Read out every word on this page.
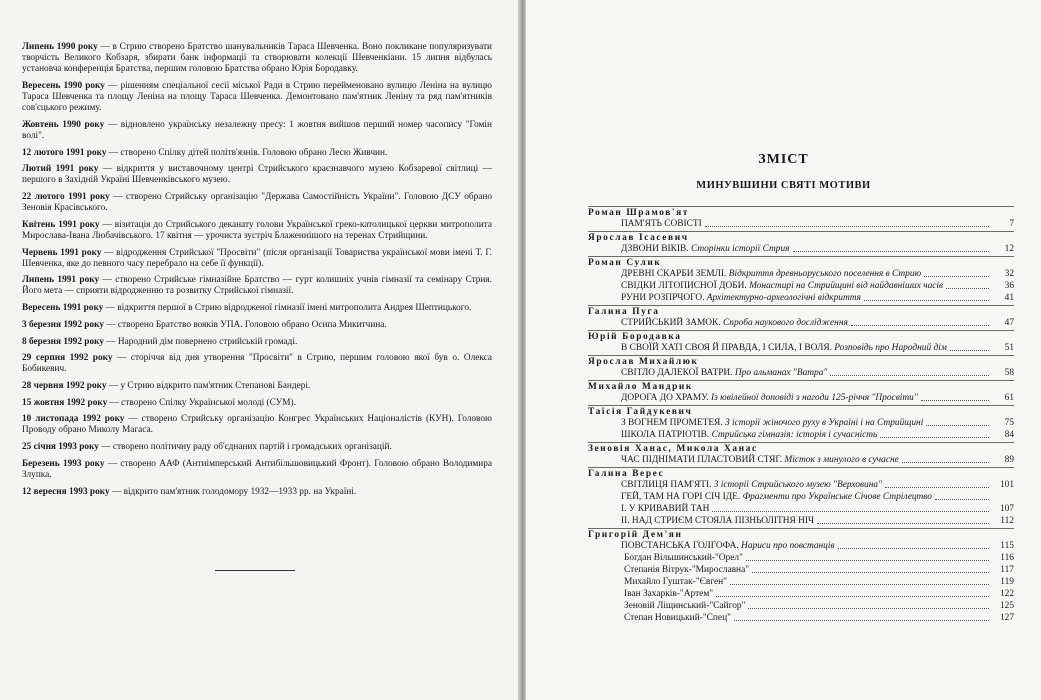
Липень 1990 року — в Стрию створено Братство шанувальників Тараса Шевченка. Воно покликане популяризувати творчість Великого Кобзаря, збирати банк інформації та створювати колекції Шевченкіани. 15 липня відбулась установча конференція Братства, першим головою Братства обрано Юрія Бородавку.
Вересень 1990 року — рішенням спеціальної сесії міської Ради в Стрию перейменовано вулицю Леніна на вулицю Тараса Шевченка та площу Леніна на площу Тараса Шевченка. Демонтовано пам'ятник Леніну та ряд пам'ятників сов'єцького режиму.
Жовтень 1990 року — відновлено українську незалежну пресу: 1 жовтня вийшов перший номер часопису "Гомін волі".
12 лютого 1991 року — створено Спілку дітей політв'язнів. Головою обрано Лесю Живчин.
Лютий 1991 року — відкриття у виставочному центрі Стрийського краєзнавчого музею Кобзаревої світлиці — першого в Західній Україні Шевченківського музею.
22 лютого 1991 року — створено Стрийську організацію "Держава Самостійність України". Головою ДСУ обрано Зеновія Красівського.
Квітень 1991 року — візитація до Стрийського деканату голови Української греко-католицької церкви митрополита Мирослава-Івана Любачівського. 17 квітня — урочиста зустріч Блаженнішого на теренах Стрийщини.
Червень 1991 року — відродження Стрийської "Просвіти" (після організації Товариства української мови імені Т. Г. Шевченка, яке до певного часу перебрало на себе її функції).
Липень 1991 року — створено Стрийське гімназійне Братство — гурт колишніх учнів гімназії та семінару Стрия. Його мета — сприяти відродженню та розвитку Стрийської гімназії.
Вересень 1991 року — відкриття першої в Стрию відродженої гімназії імені митрополита Андрея Шептицького.
3 березня 1992 року — створено Братство вояків УПА. Головою обрано Осипа Микитчина.
8 березня 1992 року — Народний дім повернено стрийській громаді.
29 серпня 1992 року — сторіччя від дня утворення "Просвіти" в Стрию, першим головою якої був о. Олекса Бобикевич.
28 червня 1992 року — у Стрию відкрито пам'ятник Степанові Бандері.
15 жовтня 1992 року — створено Спілку Української молоді (СУМ).
10 листопада 1992 року — створено Стрийську організацію Конгрес Українських Націоналістів (КУН). Головою Проводу обрано Миколу Магаса.
25 січня 1993 року — створено політичну раду об'єднаних партій і громадських організацій.
Березень 1993 року — створено ААФ (Антиімперський Антибільшовицький Фронт). Головою обрано Володимира Злупка.
12 вересня 1993 року — відкрито пам'ятник голодомору 1932—1933 рр. на Україні.
ЗМІСТ
МИНУВШИНИ СВЯТІ МОТИВИ
Роман Шрамов'ят
ПАМ'ЯТЬ СОВІСТІ	7
Ярослав Ісасевич
ДЗВОНИ ВІКІВ. Сторінки історії Стрия	12
Роман Сулик
ДРЕВНІ СКАРБИ ЗЕМЛІ. Відкриття древньоруського поселення в Стрию	32
СВІДКИ ЛІТОПИСНОЇ ДОБИ. Монастирі на Стрийщині від найдавніших часів	36
РУНИ РОЗПРЧОГО. Архітектурно-археологічні відкриття	41
Галина Пуга
СТРИЙСЬКИЙ ЗАМОК. Спроба наукового дослідження	47
Юрій Бородавка
В СВОЇЙ ХАТІ СВОЯ Й ПРАВДА, І СИЛА, І ВОЛЯ. Розповідь про Народний дім	51
Ярослав Михайлюк
СВІТЛО ДАЛЕКОЇ ВАТРИ. Про альманах "Ватра"	58
Михайло Мандрик
ДОРОГА ДО ХРАМУ. Із ювілейної доповіді з нагоди 125-річчя "Просвіти"	61
Таїсія Гайдукевич
З ВОГНЕМ ПРОМЕТЕЯ. З історії жіночого руху в Україні і на Стрийщині	75
ШКОЛА ПАТРІОТІВ. Стрийська гімназія: історія і сучасність	84
Зеновія Ханас, Микола Ханас
ЧАС ПІДНІМАТИ ПЛАСТОВИЙ СТЯГ. Місток з минулого в сучасне	89
Галина Верес
СВІТЛИЦЯ ПАМ'ЯТІ. З історії Стрийського музею "Верховина"	101
ГЕЙ, ТАМ НА ГОРІ СІЧ ІДЕ. Фрагменти про Українське Січове Стрілецтво
І. У КРИВАВИЙ ТАН	107
ІІ. НАД СТРИЄМ СТОЯЛА ПІЗНЬОЛІТНЯ НІЧ	112
Григорій Дем'ян
ПОВСТАНСЬКА ГОЛГОФА. Нариси про повстанців	115
Богдан Вільшинський-"Орел"	116
Степанія Вітрук-"Мирославна"	117
Михайло Гуштак-"Євген"	119
Іван Захаркiв-"Артем"	122
Зеновій Ліщинський-"Сайгор"	125
Степан Новицький-"Спец"	127
